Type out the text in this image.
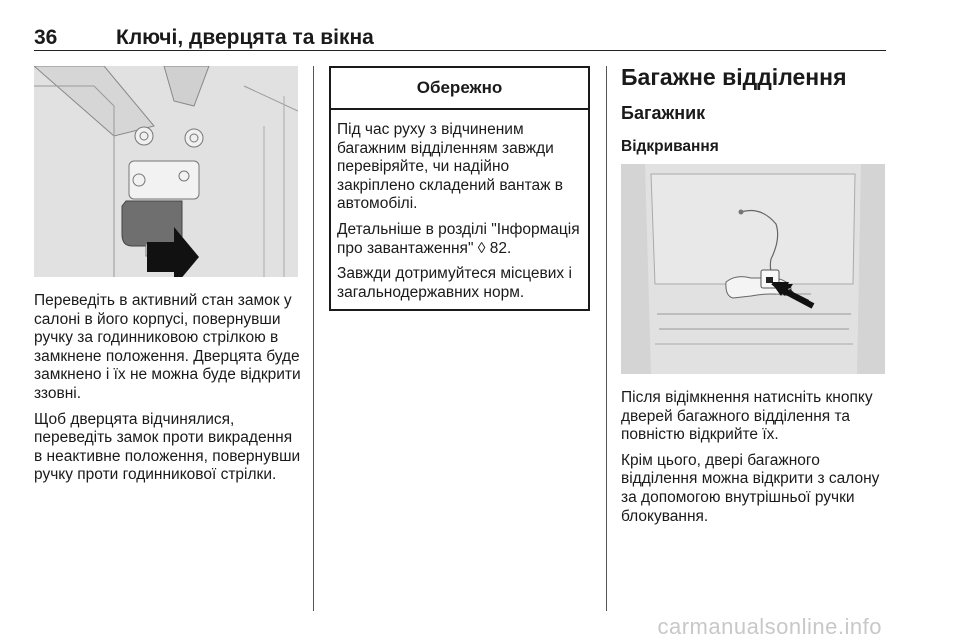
36	Ключі, дверцята та вікна

Переведіть в активний стан замок у салоні в його корпусі, повернувши ручку за годинниковою стрілкою в замкнене положення. Дверцята буде замкнено і їх не можна буде відкрити ззовні.

Щоб дверцята відчинялися, переведіть замок проти викрадення в неактивне положення, повернувши ручку проти годинникової стрілки.

Обережно

Під час руху з відчиненим багажним відділенням завжди перевіряйте, чи надійно закріплено складений вантаж в автомобілі.

Детальніше в розділі "Інформація про завантаження" ◊ 82.

Завжди дотримуйтеся місцевих і загальнодержавних норм.

Багажне відділення
Багажник
Відкривання

Після відімкнення натисніть кнопку дверей багажного відділення та повністю відкрийте їх.

Крім цього, двері багажного відділення можна відкрити з салону за допомогою внутрішньої ручки блокування.

carmanualsonline.info
